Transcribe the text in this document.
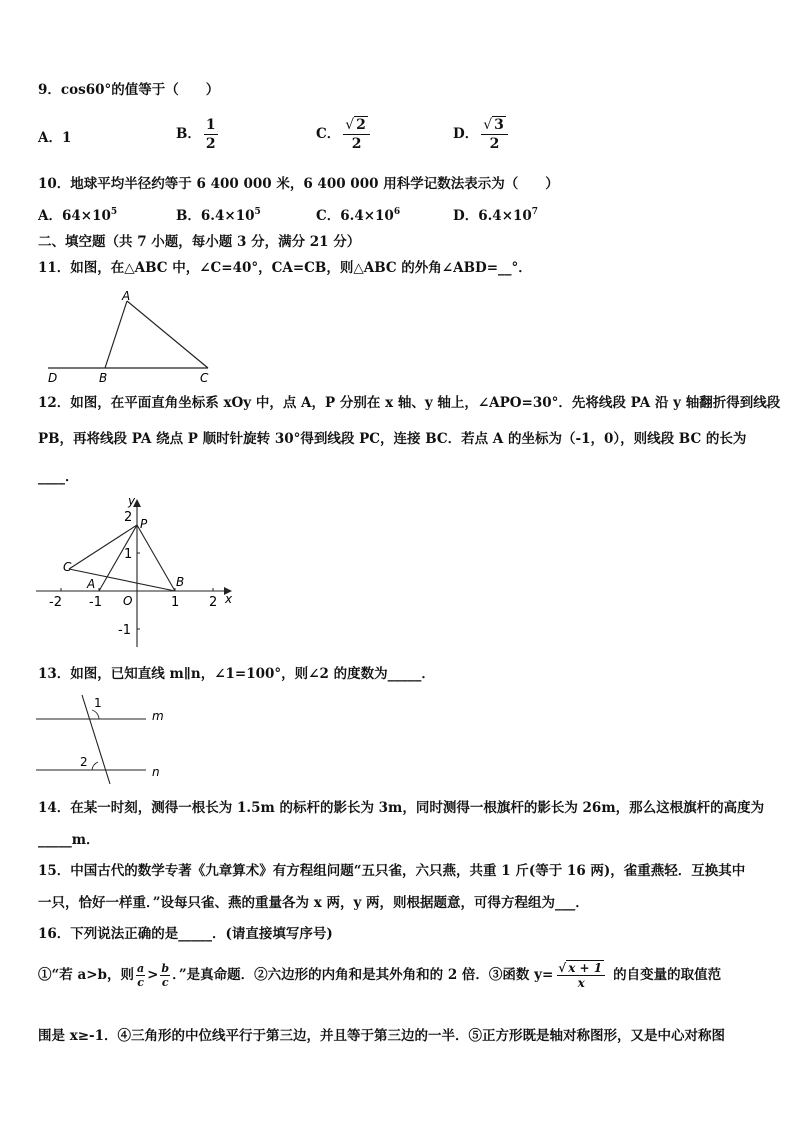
9．cos60°的值等于（　　）
A．1	B． $\frac{1}{2}$	C． $\frac{√ 2}{2}$	D． $\frac{√ 3}{2}$
10．地球平均半径约等于 6 400 000 米，6 400 000 用科学记数法表示为（　　）
A．$64\times 10^5$	B．$6.4\times 10^5$	C．$6.4\times 10^6$	D．$6.4\times 10^7$
二、填空题（共 7 小题，每小题 3 分，满分 21 分）
11．如图，在△ABC 中，∠C=40°，CA=CB，则△ABC 的外角∠ABD=__°．
A
D	B	C
12．如图，在平面直角坐标系 xOy 中，点 A，P 分别在 x 轴、y 轴上，∠APO=30°．先将线段 PA 沿 y 轴翻折得到线段
PB，再将线段 PA 绕点 P 顺时针旋转 30°得到线段 PC，连接 BC．若点 A 的坐标为（-1，0），则线段 BC 的长为
____．
y
x
P
C
A	B
O
-2 -1	1 2
2
1
-1
13．如图，已知直线 m∥n，∠1=100°，则∠2 的度数为_____．
1
2
m
n
14．在某一时刻，测得一根长为 1.5m 的标杆的影长为 3m，同时测得一根旗杆的影长为 26m，那么这根旗杆的高度为
_____m．
15．中国古代的数学专著《九章算术》有方程组问题“五只雀，六只燕，共重 1 斤(等于 16 两)，雀重燕轻．互换其中
一只，恰好一样重．”设每只雀、燕的重量各为 x 两，y 两，则根据题意，可得方程组为___．
16．下列说法正确的是_____．(请直接填写序号)
①“若 a>b，则 a
c > b
c ．”是真命题．②六边形的内角和是其外角和的 2 倍．③函数 $y= \frac{√ x + 1}{x}$ 的自变量的取值范
围是 x≥-1．④三角形的中位线平行于第三边，并且等于第三边的一半．⑤正方形既是轴对称图形，又是中心对称图
